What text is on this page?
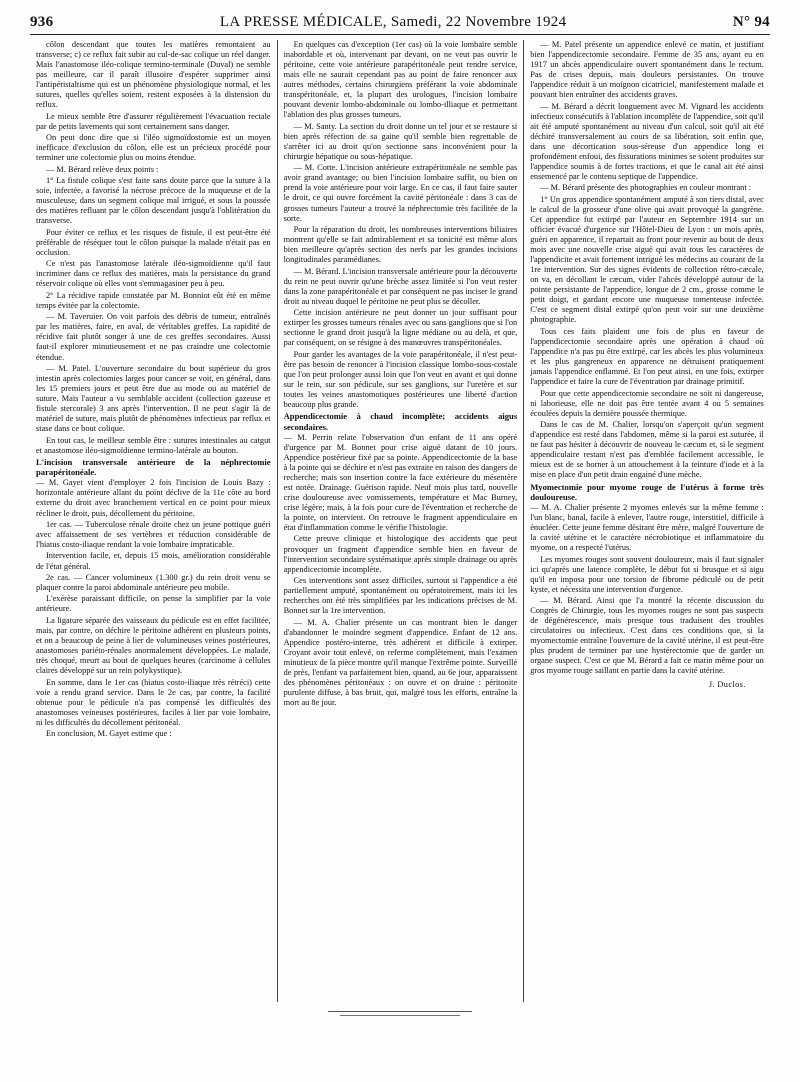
936	LA PRESSE MÉDICALE, Samedi, 22 Novembre 1924	N° 94

côlon descendant que toutes les matières remontaient au transverse; c) ce reflux fait subir au cul-de-sac colique un réel danger. Mais l'anastomose iléo-colique termino-terminale (Duval) ne semble pas meilleure, car il paraît illusoire d'espérer supprimer ainsi l'antipéristaltisme qui est un phénomène physiologique normal, et les sutures, quelles qu'elles soient, restent exposées à la distension du reflux.

Le mieux semble être d'assurer régulièrement l'évacuation rectale par de petits lavements qui sont certainement sans danger.

On peut donc dire que si l'iléo sigmoïdostomie est un moyen inefficace d'exclusion du côlon, elle est un précieux procédé pour terminer une colectomie plus ou moins étendue.

— M. Bérard relève deux points :

1° La fistule colique s'est faite sans doute parce que la suture à la soie, infectée, a favorisé la nécrose précoce de la muqueuse et de la musculeuse, dans un segment colique mal irrigué, et sous la poussée des matières refluant par le côlon descendant jusqu'à l'oblitération du transverse.

Pour éviter ce reflux et les risques de fistule, il est peut-être été préférable de réséquer tout le côlon puisque la malade n'était pas en occlusion.

Ce n'est pas l'anastomose latérale iléo-sigmoïdienne qu'il faut incriminer dans ce reflux des matières, mais la persistance du grand réservoir colique où elles vont s'emmagasiner peu à peu.

2° La récidive rapide constatée par M. Bonniot eût été en même temps évitée par la colectomie.

— M. Taveruier. On voit parfois des débris de tumeur, entraînés par les matières, faire, en aval, de véritables greffes. La rapidité de récidive fait plutôt songer à une de ces greffes secondaires. Aussi faut-il explorer minutieusement et ne pas craindre une colectomie étendue.

— M. Patel. L'ouverture secondaire du bout supérieur du gros intestin après colectomies larges pour cancer se voit, en général, dans les 15 premiers jours et peut être due au mode ou au matériel de suture. Mais l'auteur a vu semblable accident (collection gazeuse et fistule stercorale) 3 ans après l'intervention. Il ne peut s'agir là de matériel de suture, mais plutôt de phénomènes infectieux par reflux et stase dans ce bout colique.

En tout cas, le meilleur semble être : sutures intestinales au catgut et anastomose iléo-sigmoïdienne termino-latérale au bouton.

L'incision transversale antérieure de la néphrectomie parapéritonéale.

— M. Gayet vient d'employer 2 fois l'incision de Louis Bazy : horizontale antérieure allant du point déclive de la 11e côte au bord externe du droit avec branchement vertical en ce point pour mieux récliner le droit, puis, décollement du péritoine.

1er cas. — Tuberculose rénale droite chez un jeune pottique guéri avec affaissement de ses vertèbres et réduction considérable de l'hiatus costo-iliaque rendant la voie lombaire impraticable.

Intervention facile, et, depuis 15 mois, amélioration considérable de l'état général.

2e cas. — Cancer volumineux (1.300 gr.) du rein droit venu se plaquer contre la paroi abdominale antérieure peu mobile.

L'exérèse paraissant difficile, on pense la simplifier par la voie antérieure.

La ligature séparée des vaisseaux du pédicule est en effet facilitée, mais, par contre, on déchire le péritoine adhérent en plusieurs points, et on a beaucoup de peine à lier de volumineuses veines postérieures, anastomoses pariéto-rénales anormalement développées. Le malade, très choqué, meurt au bout de quelques heures (carcinome à cellules claires développé sur un rein polykystique).

En somme, dans le 1er cas (hiatus costo-iliaque très rétréci) cette voie a rendu grand service. Dans le 2e cas, par contre, la facilité obtenue pour le pédicule n'a pas compensé les difficultés des anastomoses veineuses postérieures, faciles à lier par voie lombaire, ni les difficultés du décollement péritonéal.

En conclusion, M. Gayet estime que :

En quelques cas d'exception (1er cas) où la voie lombaire semble inabordable et où, intervenant par devant, on ne veut pas ouvrir le péritoine, cette voie antérieure parapéritonéale peut rendre service, mais elle ne saurait cependant pas au point de faire renoncer aux autres méthodes, certains chirurgiens préférant la voie abdominale transpéritonéale, et, la plupart des urologues, l'incision lombaire pouvant devenir lombo-abdominale ou lombo-illiaque et permettant l'ablation des plus grosses tumeurs.

— M. Santy. La section du droit donne un tel jour et se restaure si bien après réfection de sa gaine qu'il semble bien regrettable de s'arrêter ici au droit qu'on sectionne sans inconvénient pour la chirurgie hépatique ou sous-hépatique.

— M. Cotte. L'incision antérieure extrapéritonéale ne semble pas avoir grand avantage; ou bien l'incision lombaire suffit, ou bien on prend la voie antérieure pour voir large. En ce cas, il faut faire sauter le droit, ce qui ouvre forcément la cavité péritonéale : dans 3 cas de grosses tumeurs l'auteur a trouvé la néphrectomie très facilitée de la sorte.

Pour la réparation du droit, les nombreuses interventions biliaires montrent qu'elle se fait admirablement et sa tonicité est même alors bien meilleure qu'après section des nerfs par les grandes incisions longitudinales paramédianes.

— M. Bérard. L'incision transversale antérieure pour la découverte du rein ne peut ouvrir qu'une brèche assez limitée si l'on veut rester dans la zone parapéritonéale et par conséquent ne pas inciser le grand droit au niveau duquel le péritoine ne peut plus se décoller.

Cette incision antérieure ne peut donner un jour suffisant pour extirper les grosses tumeurs rénales avec ou sans ganglions que si l'on sectionne le grand droit jusqu'à la ligne médiane ou au delà, et que, par conséquent, on se résigne à des manœuvres transpéritonéales.

Pour garder les avantages de la voie parapéritonéale, il n'est peut-être pas besoin de renoncer à l'incision classique lombo-sous-costale que l'on peut prolonger aussi loin que l'on veut en avant et qui donne sur le rein, sur son pédicule, sur ses ganglions, sur l'uretère et sur toutes les veines anastomotiques postérieures une liberté d'action beaucoup plus grande.

Appendicectomie à chaud incomplète; accidents aigus secondaires.

— M. Perrin relate l'observation d'un enfant de 11 ans opéré d'urgence par M. Bonnet pour crise aiguë datant de 10 jours. Appendice postérieur fixé par sa pointe. Appendicectomie de la base à la pointe qui se déchire et n'est pas extraite en raison des dangers de recherche; mais son insertion contre la face extérieure du mésentère est notée. Drainage. Guérison rapide. Neuf mois plus tard, nouvelle crise douloureuse avec vomissements, température et Mac Burney, crise légère; mais, à la fois pour cure de l'éventration et recherche de la pointe, on intervient. On retrouve le fragment appendiculaire en état d'inflammation comme le vérifie l'histologie.

Cette preuve clinique et histologique des accidents que peut provoquer un fragment d'appendice semble bien en faveur de l'intervention secondaire systématique après simple drainage ou après appendicectomie incomplète.

Ces interventions sont assez difficiles, surtout si l'appendice a été partiellement amputé, spontanément ou opératoirement, mais ici les recherches ont été très simplifiées par les indications précises de M. Bonnet sur la 1re intervention.

— M. A. Chalier présente un cas montrant bien le danger d'abandonner le moindre segment d'appendice. Enfant de 12 ans. Appendice postéro-interne, très adhérent et difficile à extirper. Croyant avoir tout enlevé, on referme complètement, mais l'examen minutieux de la pièce montre qu'il manque l'extrême pointe. Surveillé de près, l'enfant va parfaitement bien, quand, au 6e jour, apparaissent des phénomènes péritonéaux : on ouvre et on draine : péritonite purulente diffuse, à bas bruit, qui, malgré tous les efforts, entraîne la mort au 8e jour.

— M. Patel présente un appendice enlevé ce matin, et justifiant bien l'appendicectomie secondaire. Femme de 35 ans, ayant eu en 1917 un abcès appendiculaire ouvert spontanément dans le rectum. Pas de crises depuis, mais douleurs persistantes. On trouve l'appendice réduit à un moignon cicatriciel, manifestement malade et pouvant bien entraîner des accidents graves.

— M. Bérard a décrit longuement avec M. Vignard les accidents infectieux consécutifs à l'ablation incomplète de l'appendice, soit qu'il ait été amputé spontanément au niveau d'un calcul, soit qu'il ait été déchiré transversalement au cours de sa libération, soit enfin que, dans une décortication sous-séreuse d'un appendice long et profondément enfoui, des fissurations minimes se soient produites sur l'appendice soumis à de fortes tractions, et que le canal ait été ainsi ensemencé par le contenu septique de l'appendice.

— M. Bérard présente des photographies en couleur montrant :

1° Un gros appendice spontanément amputé à son tiers distal, avec le calcul de la grosseur d'une olive qui avait provoqué la gangrène. Cet appendice fut extirpé par l'auteur en Septembre 1914 sur un officier évacué d'urgence sur l'Hôtel-Dieu de Lyon : un mois après, guéri en apparence, il repartait au front pour revenir au bout de deux mois avec une nouvelle crise aiguë qui avait tous les caractères de l'appendicite et avait fortement intrigué les médecins au courant de la 1re intervention. Sur des signes évidents de collection rétro-cæcale, on va, en décollant le cæcum, vider l'abcès développé autour de la pointe persistante de l'appendice, longue de 2 cm., grosse comme le petit doigt, et gardant encore une muqueuse tomenteuse infectée. C'est ce segment distal extirpé qu'on peut voir sur une deuxième photographie.

Tous ces faits plaident une fois de plus en faveur de l'appendicectomie secondaire après une opération à chaud où l'appendice n'a pas pu être extirpé, car les abcès les plus volumineux et les plus gangreneux en apparence ne détruisent pratiquement jamais l'appendice enflammé. Et l'on peut ainsi, en une fois, extirper l'appendice et faire la cure de l'éventration par drainage primitif.

Pour que cette appendicectomie secondaire ne soit ni dangereuse, ni laborieuse, elle ne doit pas être tentée avant 4 ou 5 semaines écoulées depuis la dernière poussée thermique.

Dans le cas de M. Chalier, lorsqu'on s'aperçoit qu'un segment d'appendice est resté dans l'abdomen, même si la paroi est suturée, il ne faut pas hésiter à découvrir de nouveau le cæcum et, si le segment appendiculaire restant n'est pas d'emblée facilement accessible, le mieux est de se borner à un attouchement à la teinture d'iode et à la mise en place d'un petit drain engainé d'une mèche.

Myomectomie pour myome rouge de l'utérus à forme très douloureuse.

— M. A. Chalier présente 2 myomes enlevés sur la même femme : l'un blanc, banal, facile à enlever, l'autre rouge, interstitiel, difficile à énucléer. Cette jeune femme désirant être mère, malgré l'ouverture de la cavité utérine et le caractère nécrobiotique et inflammatoire du myome, on a respecté l'utérus.

Les myomes rouges sont souvent douloureux, mais il faut signaler ici qu'après une latence complète, le début fut si brusque et si aigu qu'il en imposa pour une torsion de fibrome pédiculé ou de petit kyste, et nécessita une intervention d'urgence.

— M. Bérard. Ainsi que l'a montré la récente discussion du Congrès de Chirurgie, tous les myomes rouges ne sont pas suspects de dégénérescence, mais presque tous traduisent des troubles circulatoires ou infectieux. C'est dans ces conditions que, si la myomectomie entraîne l'ouverture de la cavité utérine, il est peut-être plus prudent de terminer par une hystérectomie que de garder un organe suspect. C'est ce que M. Bérard a fait ce matin même pour un gros myome rouge saillant en partie dans la cavité utérine.

J. Duclos.
